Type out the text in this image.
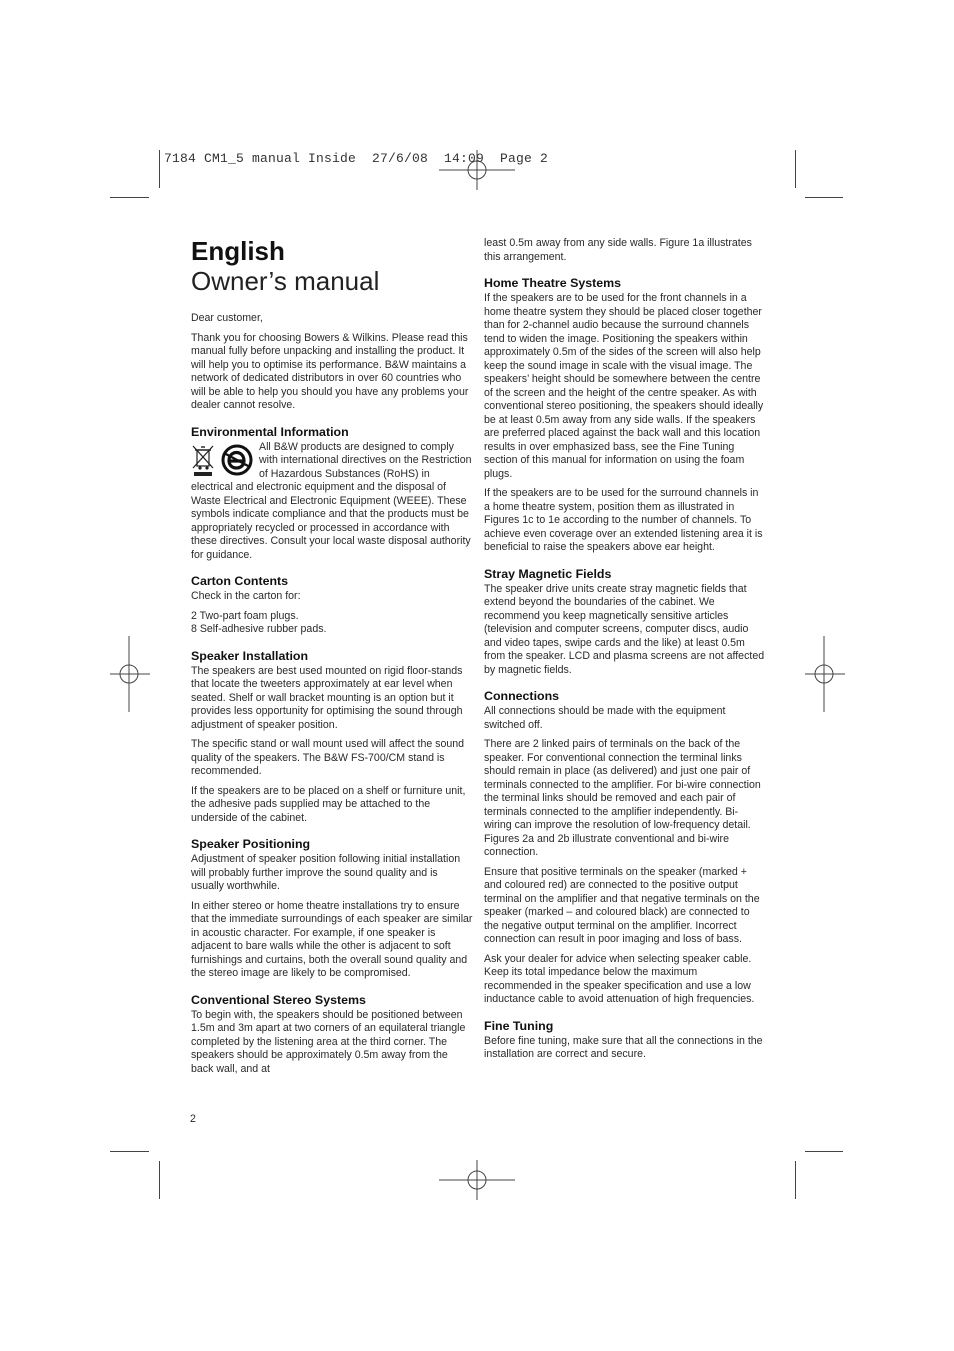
7184 CM1_5 manual Inside  27/6/08  14:09  Page 2
English
Owner’s manual

Dear customer,

Thank you for choosing Bowers & Wilkins. Please read this manual fully before unpacking and installing the product. It will help you to optimise its performance. B&W maintains a network of dedicated distributors in over 60 countries who will be able to help you should you have any problems your dealer cannot resolve.

Environmental Information

All B&W products are designed to comply with international directives on the Restriction of Hazardous Substances (RoHS) in electrical and electronic equipment and the disposal of Waste Electrical and Electronic Equipment (WEEE). These symbols indicate compliance and that the products must be appropriately recycled or processed in accordance with these directives. Consult your local waste disposal authority for guidance.

Carton Contents

Check in the carton for:

2 Two-part foam plugs.

8 Self-adhesive rubber pads.

Speaker Installation

The speakers are best used mounted on rigid floor-stands that locate the tweeters approximately at ear level when seated. Shelf or wall bracket mounting is an option but it provides less opportunity for optimising the sound through adjustment of speaker position.

The specific stand or wall mount used will affect the sound quality of the speakers. The B&W FS-700/CM stand is recommended.

If the speakers are to be placed on a shelf or furniture unit, the adhesive pads supplied may be attached to the underside of the cabinet.

Speaker Positioning

Adjustment of speaker position following initial installation will probably further improve the sound quality and is usually worthwhile.

In either stereo or home theatre installations try to ensure that the immediate surroundings of each speaker are similar in acoustic character. For example, if one speaker is adjacent to bare walls while the other is adjacent to soft furnishings and curtains, both the overall sound quality and the stereo image are likely to be compromised.

Conventional Stereo Systems

To begin with, the speakers should be positioned between 1.5m and 3m apart at two corners of an equilateral triangle completed by the listening area at the third corner. The speakers should be approximately 0.5m away from the back wall, and at

least 0.5m away from any side walls. Figure 1a illustrates this arrangement.

Home Theatre Systems

If the speakers are to be used for the front channels in a home theatre system they should be placed closer together than for 2-channel audio because the surround channels tend to widen the image. Positioning the speakers within approximately 0.5m of the sides of the screen will also help keep the sound image in scale with the visual image. The speakers’ height should be somewhere between the centre of the screen and the height of the centre speaker. As with conventional stereo positioning, the speakers should ideally be at least 0.5m away from any side walls. If the speakers are preferred placed against the back wall and this location results in over emphasized bass, see the Fine Tuning section of this manual for information on using the foam plugs.

If the speakers are to be used for the surround channels in a home theatre system, position them as illustrated in Figures 1c to 1e according to the number of channels. To achieve even coverage over an extended listening area it is beneficial to raise the speakers above ear height.

Stray Magnetic Fields

The speaker drive units create stray magnetic fields that extend beyond the boundaries of the cabinet. We recommend you keep magnetically sensitive articles (television and computer screens, computer discs, audio and video tapes, swipe cards and the like) at least 0.5m from the speaker. LCD and plasma screens are not affected by magnetic fields.

Connections

All connections should be made with the equipment switched off.

There are 2 linked pairs of terminals on the back of the speaker. For conventional connection the terminal links should remain in place (as delivered) and just one pair of terminals connected to the amplifier. For bi-wire connection the terminal links should be removed and each pair of terminals connected to the amplifier independently. Bi-wiring can improve the resolution of low-frequency detail. Figures 2a and 2b illustrate conventional and bi-wire connection.

Ensure that positive terminals on the speaker (marked + and coloured red) are connected to the positive output terminal on the amplifier and that negative terminals on the speaker (marked – and coloured black) are connected to the negative output terminal on the amplifier. Incorrect connection can result in poor imaging and loss of bass.

Ask your dealer for advice when selecting speaker cable. Keep its total impedance below the maximum recommended in the speaker specification and use a low inductance cable to avoid attenuation of high frequencies.

Fine Tuning

Before fine tuning, make sure that all the connections in the installation are correct and secure.

2
